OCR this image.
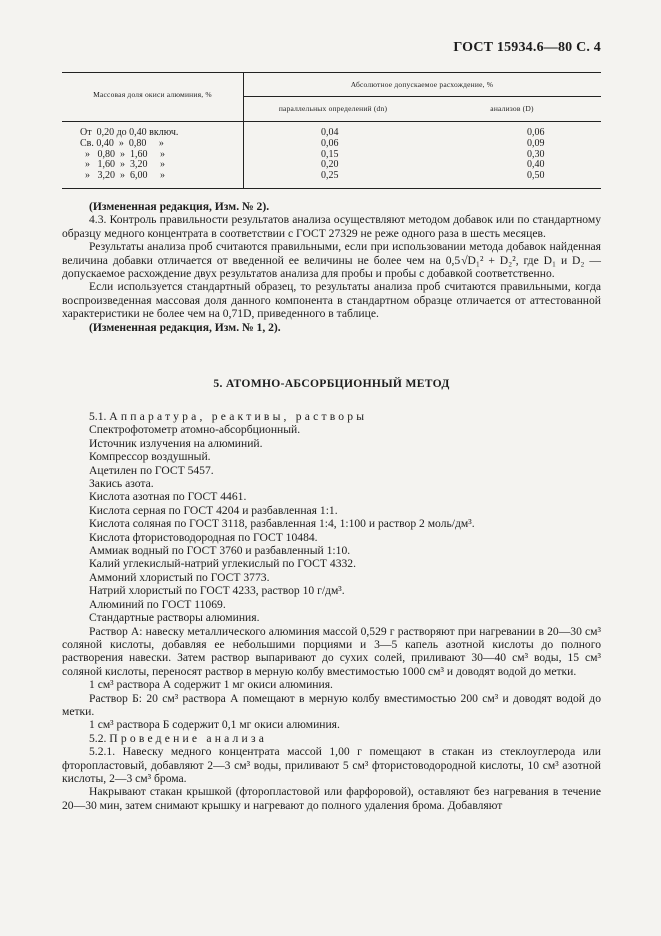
ГОСТ 15934.6—80 С. 4
Массовая доля окиси алюминия, %
Абсолютное допускаемое расхождение, %
параллельных определений (dn)	анализов (D)
От  0,20 до 0,40 включ.	0,04	0,06
Св. 0,40  »  0,80     »	0,06	0,09
»   0,80  »  1,60     »	0,15	0,30
»   1,60  »  3,20     »	0,20	0,40
»   3,20  »  6,00     »	0,25	0,50

(Измененная редакция, Изм. № 2).

4.3. Контроль правильности результатов анализа осуществляют методом добавок или по стандартному образцу медного концентрата в соответствии с ГОСТ 27329 не реже одного раза в шесть месяцев.

Результаты анализа проб считаются правильными, если при использовании метода добавок найденная величина добавки отличается от введенной ее величины не более чем на 0,5 √D₁² + D₂², где D₁ и D₂ — допускаемое расхождение двух результатов анализа для пробы и пробы с добавкой соответственно.

Если используется стандартный образец, то результаты анализа проб считаются правильными, когда воспроизведенная массовая доля данного компонента в стандартном образце отличается от аттестованной характеристики не более чем на 0,71D, приведенного в таблице.

(Измененная редакция, Изм. № 1, 2).

5. АТОМНО-АБСОРБЦИОННЫЙ МЕТОД

5.1. Аппаратура, реактивы, растворы

Спектрофотометр атомно-абсорбционный.

Источник излучения на алюминий.

Компрессор воздушный.

Ацетилен по ГОСТ 5457.

Закись азота.

Кислота азотная по ГОСТ 4461.

Кислота серная по ГОСТ 4204 и разбавленная 1:1.

Кислота соляная по ГОСТ 3118, разбавленная 1:4, 1:100 и раствор 2 моль/дм³.

Кислота фтористоводородная по ГОСТ 10484.

Аммиак водный по ГОСТ 3760 и разбавленный 1:10.

Калий углекислый-натрий углекислый по ГОСТ 4332.

Аммоний хлористый по ГОСТ 3773.

Натрий хлористый по ГОСТ 4233, раствор 10 г/дм³.

Алюминий по ГОСТ 11069.

Стандартные растворы алюминия.

Раствор А: навеску металлического алюминия массой 0,529 г растворяют при нагревании в 20—30 см³ соляной кислоты, добавляя ее небольшими порциями и 3—5 капель азотной кислоты до полного растворения навески. Затем раствор выпаривают до сухих солей, приливают 30—40 см³ воды, 15 см³ соляной кислоты, переносят раствор в мерную колбу вместимостью 1000 см³ и доводят водой до метки.

1 см³ раствора А содержит 1 мг окиси алюминия.

Раствор Б: 20 см³ раствора А помещают в мерную колбу вместимостью 200 см³ и доводят водой до метки.

1 см³ раствора Б содержит 0,1 мг окиси алюминия.

5.2. Проведение анализа

5.2.1. Навеску медного концентрата массой 1,00 г помещают в стакан из стеклоуглерода или фторопластовый, добавляют 2—3 см³ воды, приливают 5 см³ фтористоводородной кислоты, 10 см³ азотной кислоты, 2—3 см³ брома.

Накрывают стакан крышкой (фторопластовой или фарфоровой), оставляют без нагревания в течение 20—30 мин, затем снимают крышку и нагревают до полного удаления брома. Добавляют
